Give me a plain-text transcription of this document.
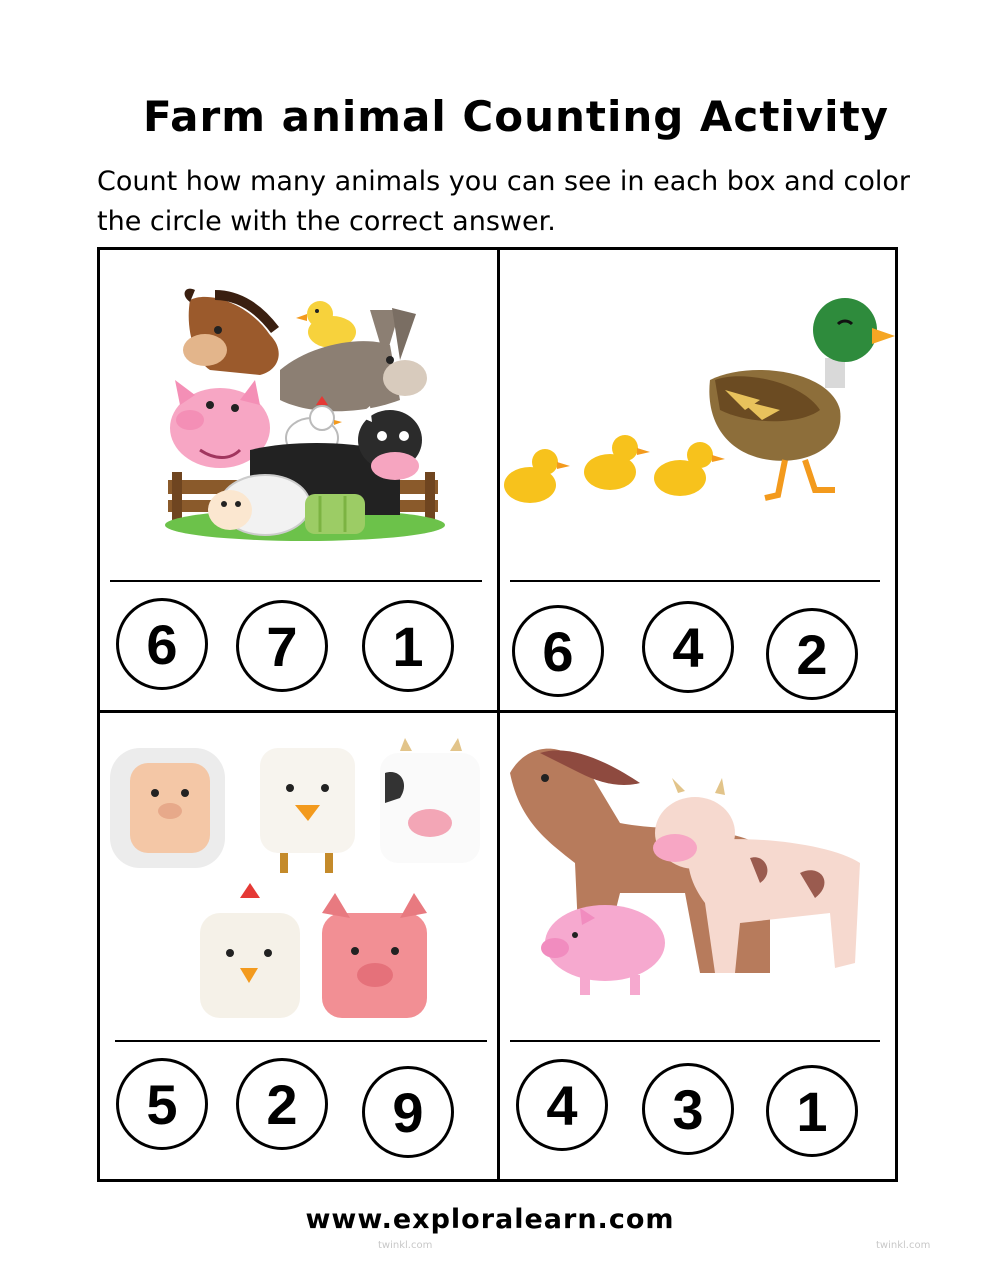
Farm animal Counting Activity

Count how many animals you can see in each box and color the circle with the correct answer.

6	7	1	6	4	2
5	2	9	4	3	1
www.exploralearn.com
twinkl.com	twinkl.com
